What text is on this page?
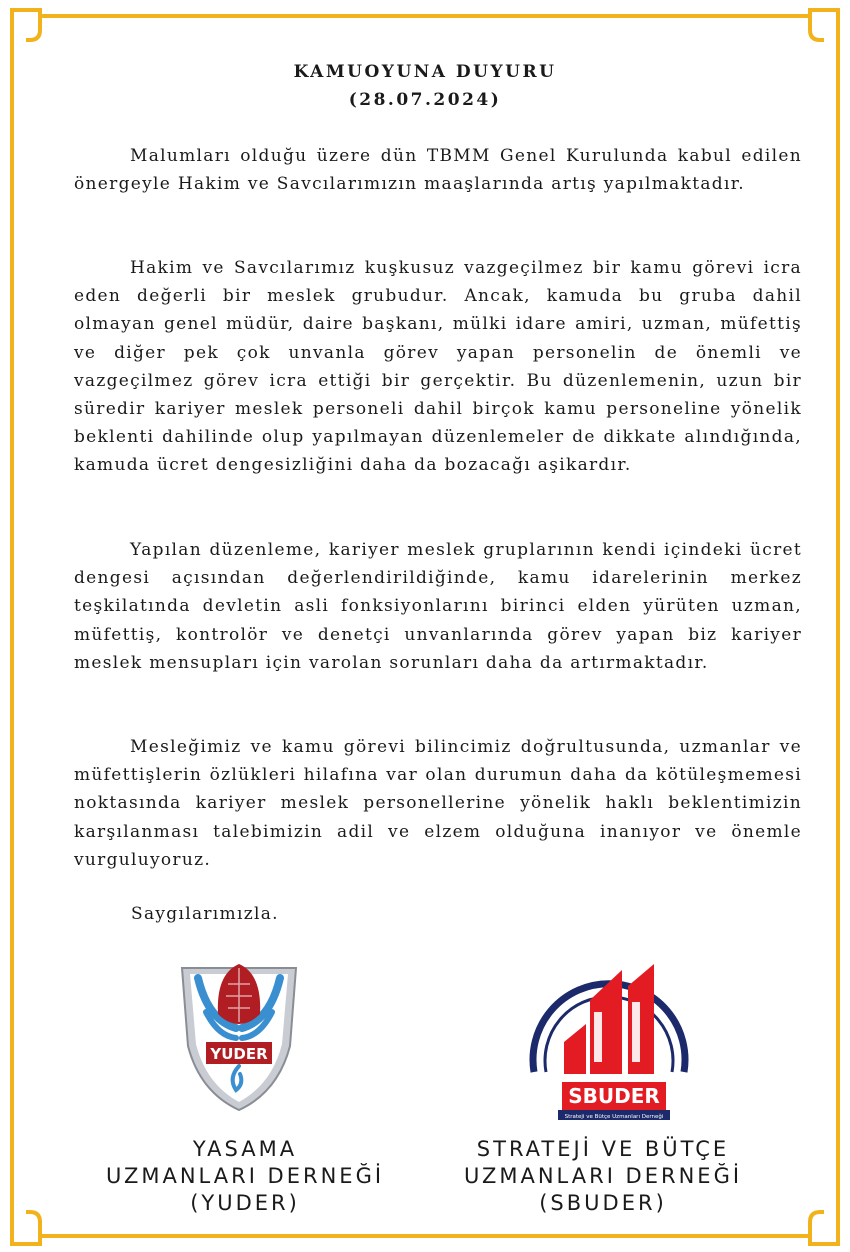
KAMUOYUNA DUYURU
(28.07.2024)

Malumları olduğu üzere dün TBMM Genel Kurulunda kabul edilen önergeyle Hakim ve Savcılarımızın maaşlarında artış yapılmaktadır.

Hakim ve Savcılarımız kuşkusuz vazgeçilmez bir kamu görevi icra eden değerli bir meslek grubudur. Ancak, kamuda bu gruba dahil olmayan genel müdür, daire başkanı, mülki idare amiri, uzman, müfettiş ve diğer pek çok unvanla görev yapan personelin de önemli ve vazgeçilmez görev icra ettiği bir gerçektir. Bu düzenlemenin, uzun bir süredir kariyer meslek personeli dahil birçok kamu personeline yönelik beklenti dahilinde olup yapılmayan düzenlemeler de dikkate alındığında, kamuda ücret dengesizliğini daha da bozacağı aşikardır.

Yapılan düzenleme, kariyer meslek gruplarının kendi içindeki ücret dengesi açısından değerlendirildiğinde, kamu idarelerinin merkez teşkilatında devletin asli fonksiyonlarını birinci elden yürüten uzman, müfettiş, kontrolör ve denetçi unvanlarında görev yapan biz kariyer meslek mensupları için varolan sorunları daha da artırmaktadır.

Mesleğimiz ve kamu görevi bilincimiz doğrultusunda, uzmanlar ve müfettişlerin özlükleri hilafına var olan durumun daha da kötüleşmemesi noktasında kariyer meslek personellerine yönelik haklı beklentimizin karşılanması talebimizin adil ve elzem olduğuna inanıyor ve önemle vurguluyoruz.

Saygılarımızla.
YUDER
SBUDER
Strateji ve Bütçe Uzmanları Derneği
YASAMA
UZMANLARI DERNEĞİ
(YUDER)
STRATEJİ VE BÜTÇE
UZMANLARI DERNEĞİ
(SBUDER)
